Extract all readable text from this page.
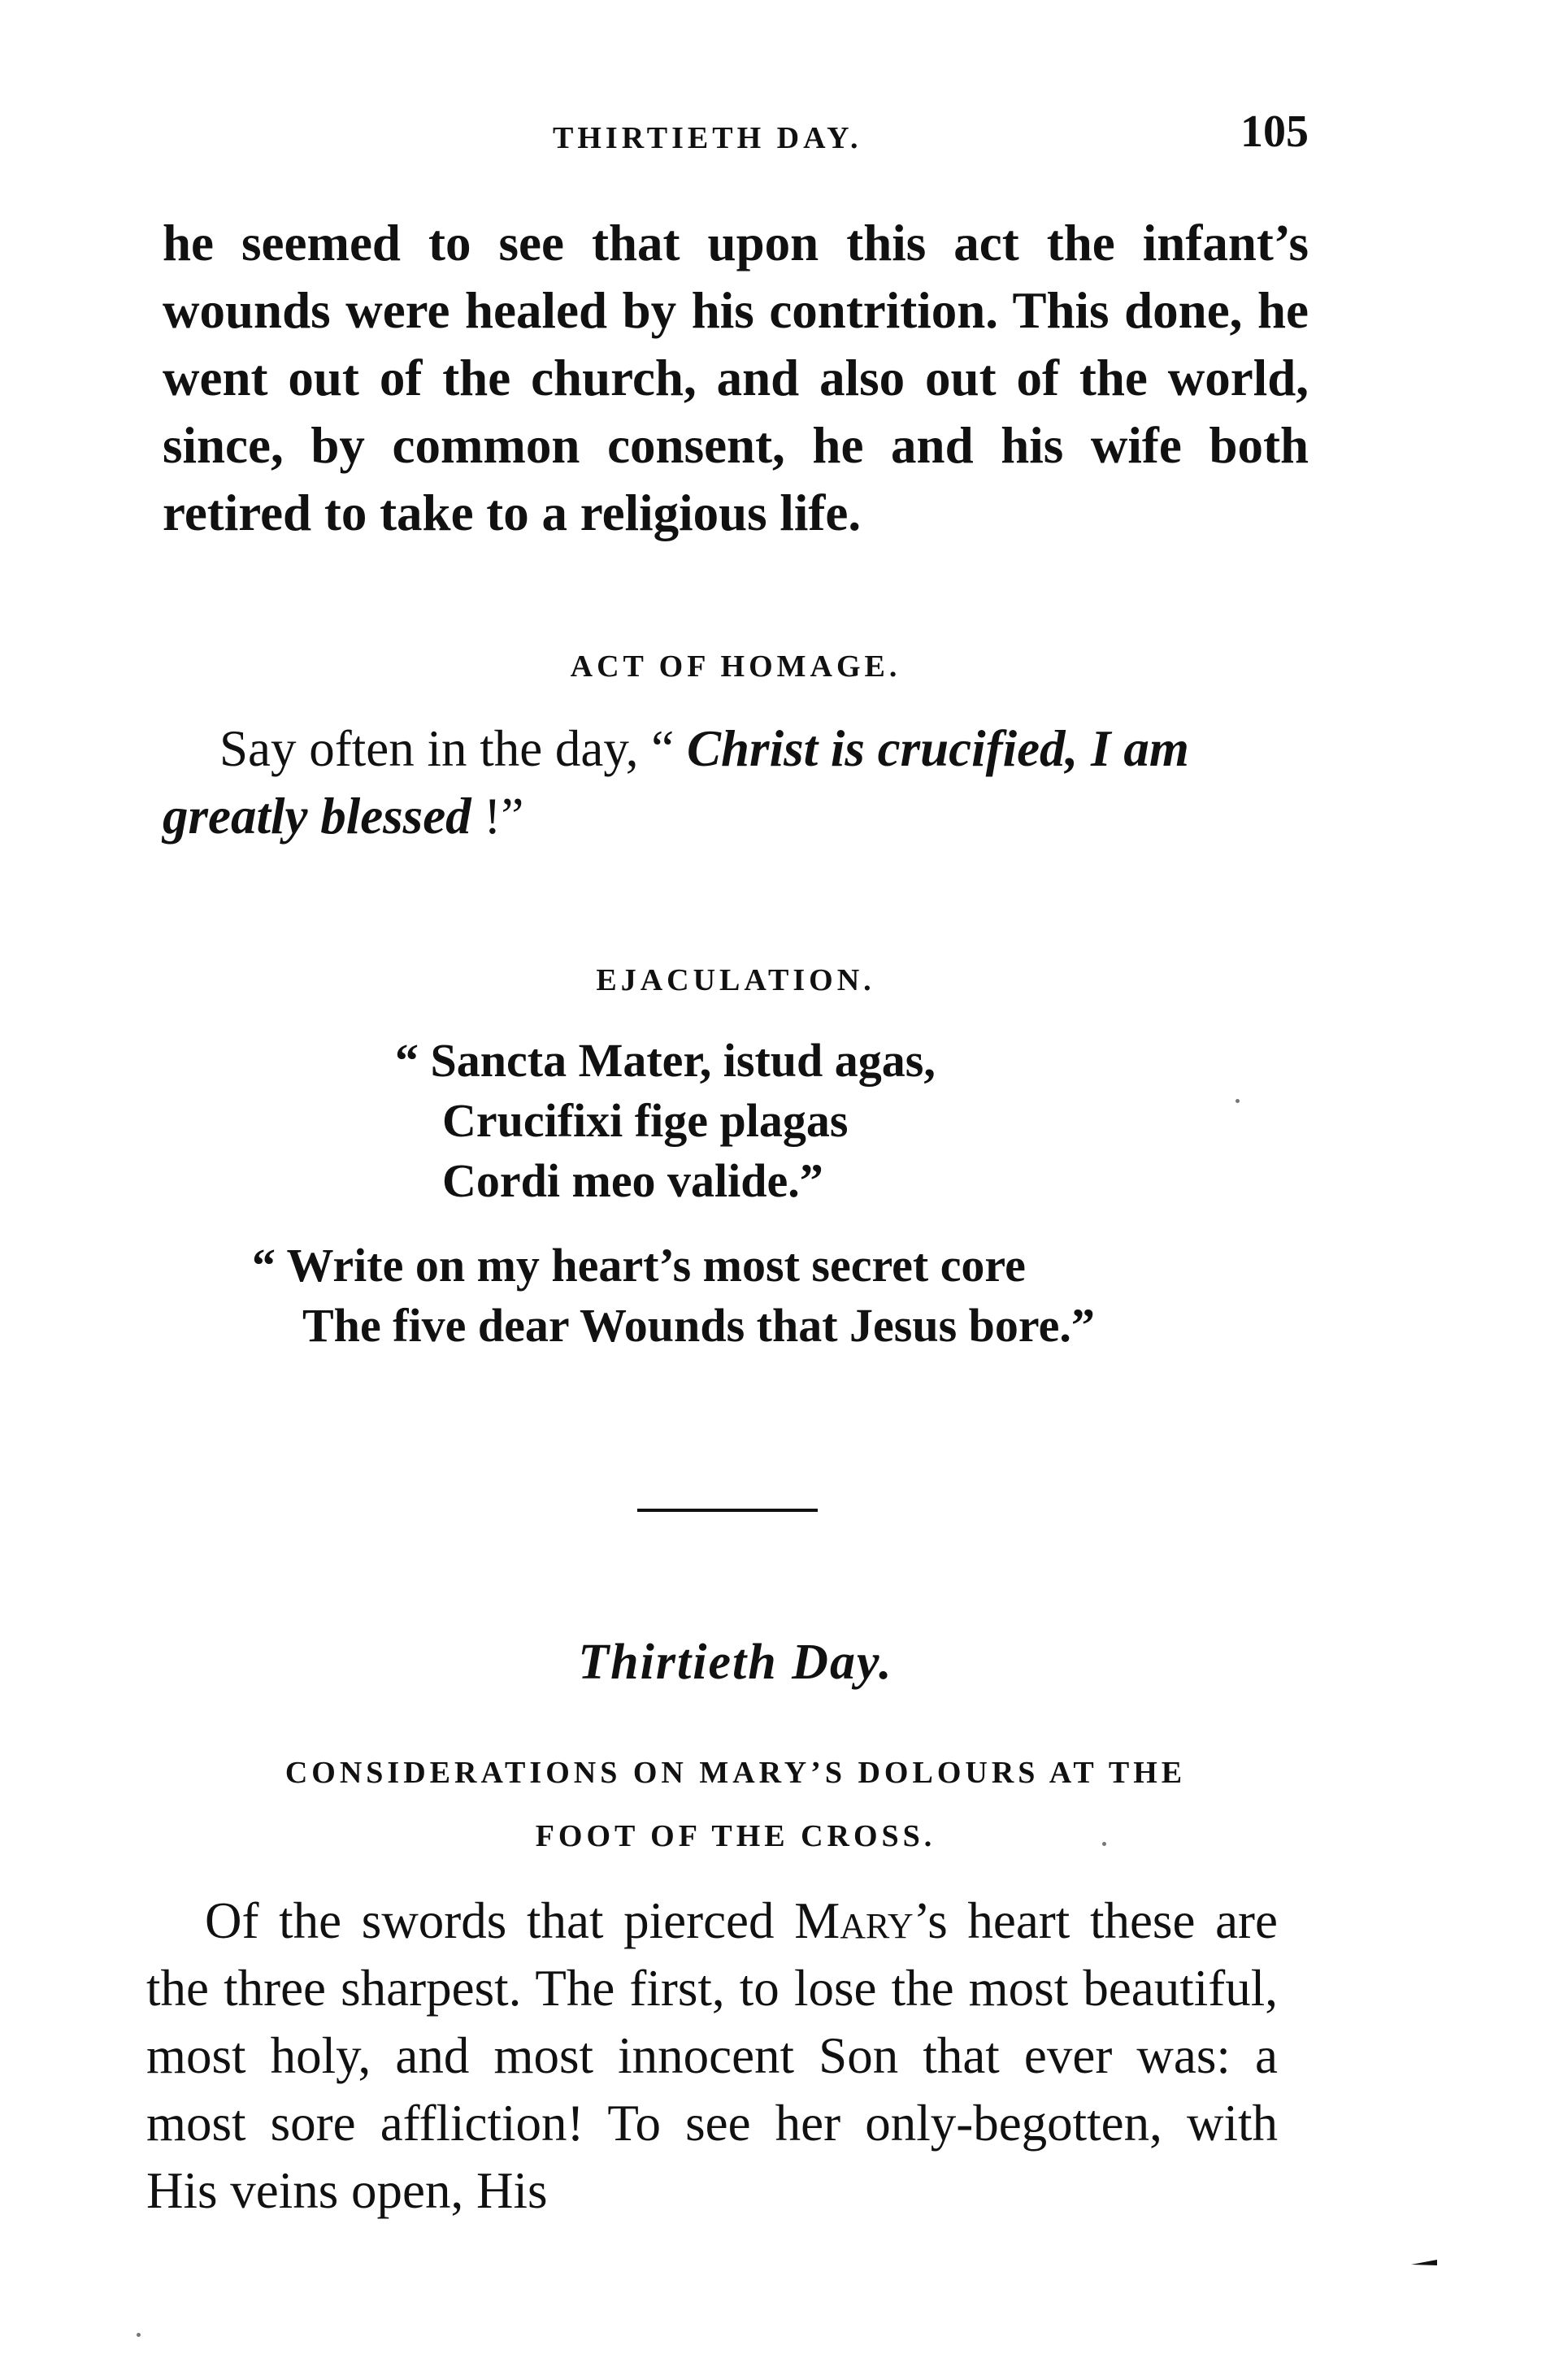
THIRTIETH DAY.	105

he seemed to see that upon this act the infant’s wounds were healed by his contrition. This done, he went out of the church, and also out of the world, since, by common consent, he and his wife both retired to take to a religious life.

ACT OF HOMAGE.
Say often in the day, “ Christ is crucified, I am
greatly blessed !”
EJACULATION.
“ Sancta Mater, istud agas,
Crucifixi fige plagas
Cordi meo valide.”
“ Write on my heart’s most secret core
The five dear Wounds that Jesus bore.”
Thirtieth Day.
CONSIDERATIONS ON MARY’S DOLOURS AT THE
FOOT OF THE CROSS.

Of the swords that pierced Mary’s heart these are the three sharpest. The first, to lose the most beautiful, most holy, and most innocent Son that ever was: a most sore affliction! To see her only-begotten, with His veins open, His
